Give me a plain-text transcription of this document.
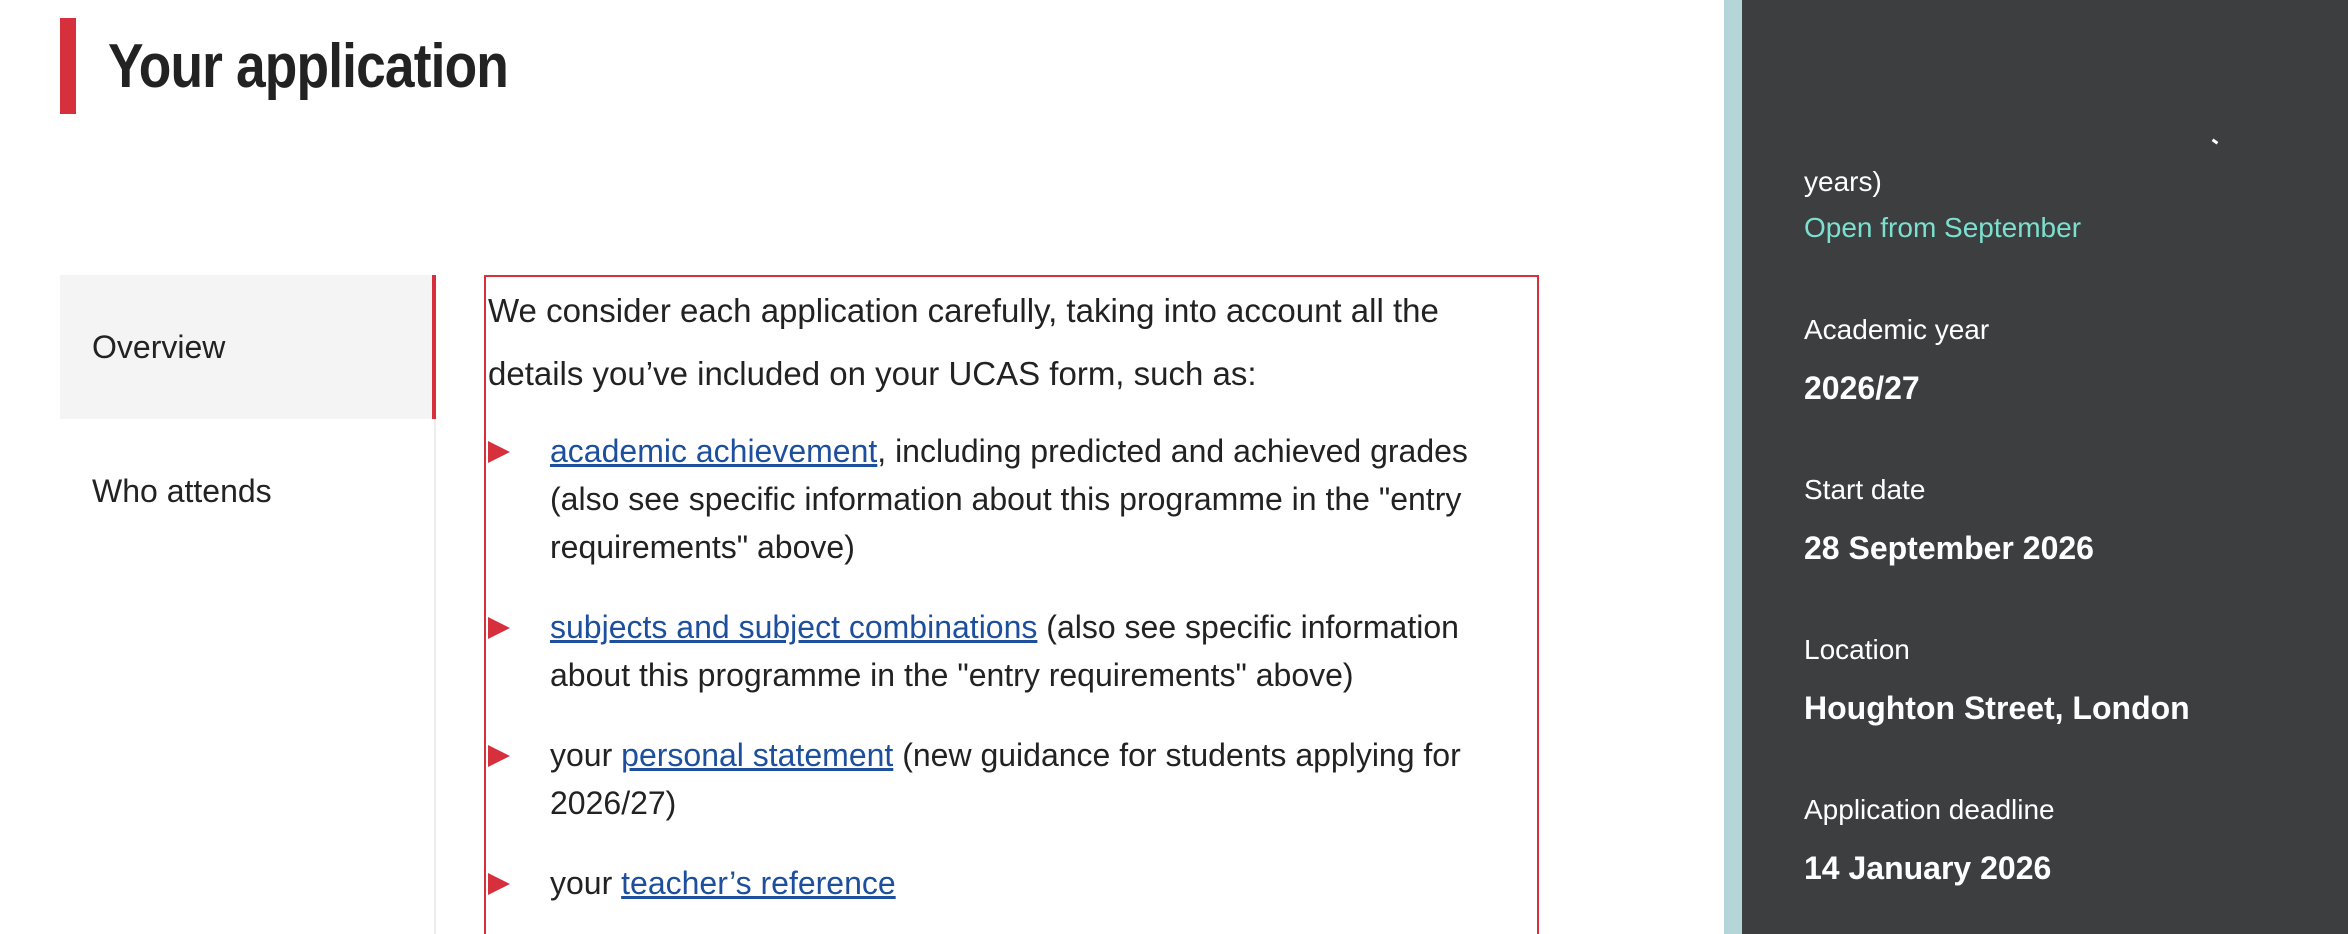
Your application
Overview
Who attends

We consider each application carefully, taking into account all the details you’ve included on your UCAS form, such as:

academic achievement, including predicted and achieved grades (also see specific information about this programme in the "entry requirements" above)
subjects and subject combinations (also see specific information about this programme in the "entry requirements" above)
your personal statement (new guidance for students applying for 2026/27)
your teacher’s reference
years)
Open from September
Academic year
2026/27
Start date
28 September 2026
Location
Houghton Street, London
Application deadline
14 January 2026
